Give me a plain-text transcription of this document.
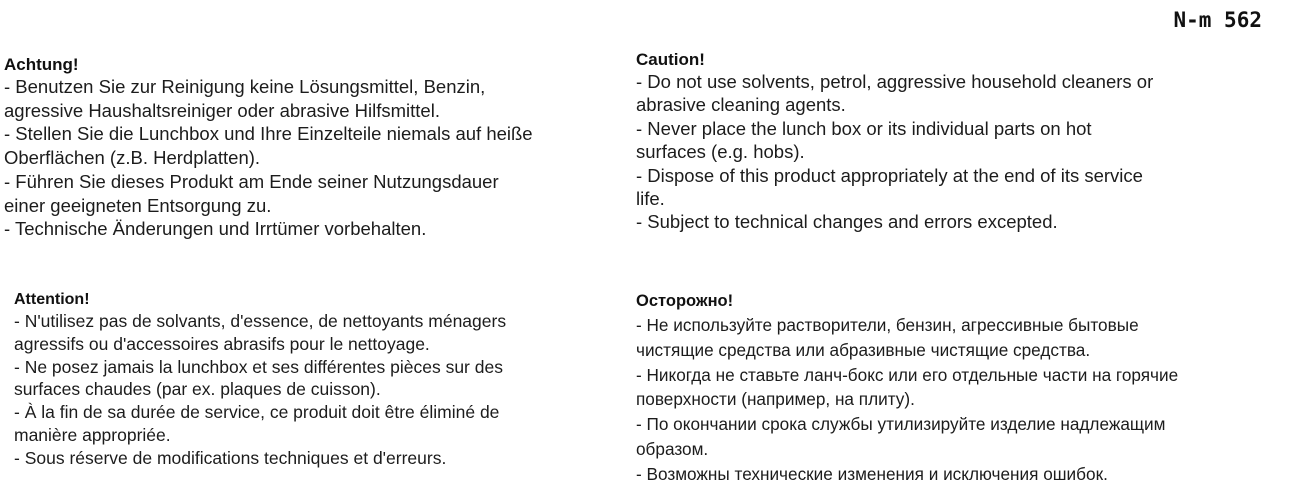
N-m 562
Achtung!

- Benutzen Sie zur Reinigung keine Lösungsmittel, Benzin,

agressive Haushaltsreiniger oder abrasive Hilfsmittel.

- Stellen Sie die Lunchbox und Ihre Einzelteile niemals auf heiße

Oberflächen (z.B. Herdplatten).

- Führen Sie dieses Produkt am Ende seiner Nutzungsdauer

einer geeigneten Entsorgung zu.

- Technische Änderungen und Irrtümer vorbehalten.

Caution!

- Do not use solvents, petrol, aggressive household cleaners or

abrasive cleaning agents.

- Never place the lunch box or its individual parts on hot

surfaces (e.g. hobs).

- Dispose of this product appropriately at the end of its service

life.

- Subject to technical changes and errors excepted.

Attention!

- N'utilisez pas de solvants, d'essence, de nettoyants ménagers

agressifs ou d'accessoires abrasifs pour le nettoyage.

- Ne posez jamais la lunchbox et ses différentes pièces sur des

surfaces chaudes (par ex. plaques de cuisson).

- À la fin de sa durée de service, ce produit doit être éliminé de

manière appropriée.

- Sous réserve de modifications techniques et d'erreurs.

Осторожно!

- Не используйте растворители, бензин, агрессивные бытовые

чистящие средства или абразивные чистящие средства.

- Никогда не ставьте ланч-бокс или его отдельные части на горячие

поверхности (например, на плиту).

- По окончании срока службы утилизируйте изделие надлежащим

образом.

- Возможны технические изменения и исключения ошибок.
